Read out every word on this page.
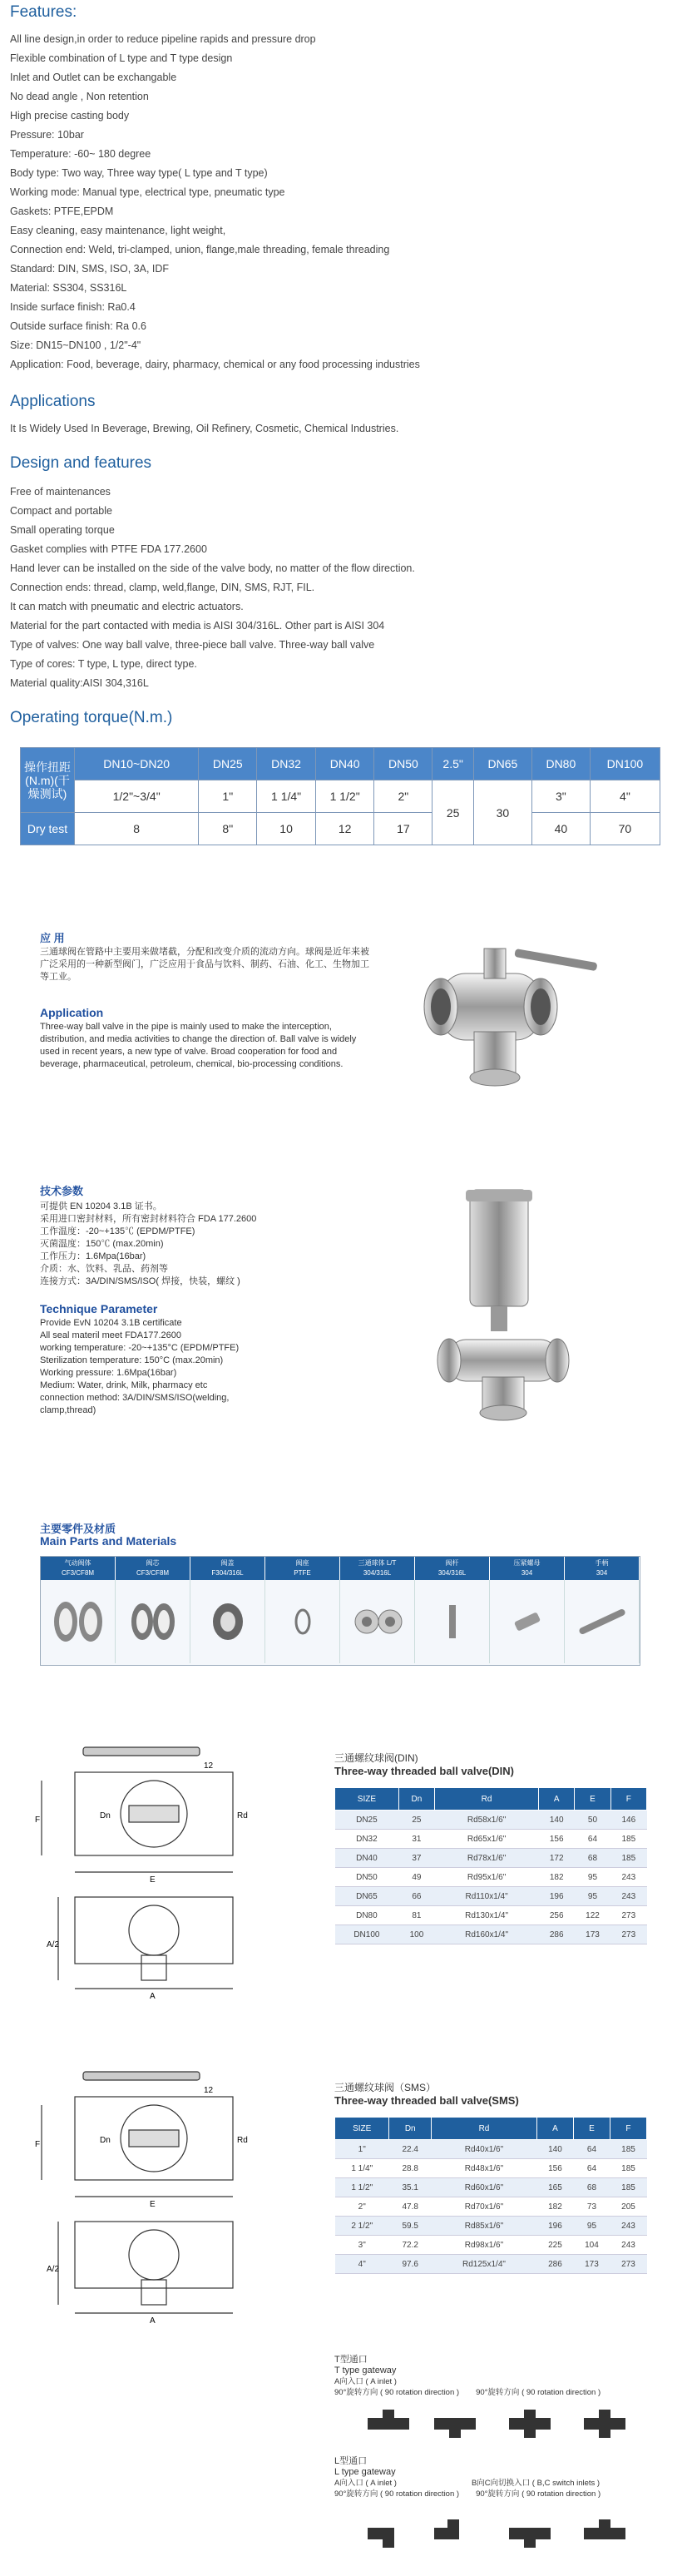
Features:
All line design,in order to reduce pipeline rapids and pressure drop
Flexible combination of L type and T type design
Inlet and Outlet can be exchangable
No dead angle , Non retention
High precise casting body
Pressure: 10bar
Temperature: -60~ 180 degree
Body type: Two way, Three way type( L type and T type)
Working mode: Manual type, electrical type, pneumatic type
Gaskets: PTFE,EPDM
Easy cleaning, easy maintenance, light weight,
Connection end: Weld, tri-clamped, union, flange,male threading, female threading
Standard: DIN, SMS, ISO, 3A, IDF
Material: SS304, SS316L
Inside surface finish: Ra0.4
Outside surface finish: Ra 0.6
Size: DN15~DN100 , 1/2"-4"
Application: Food, beverage, dairy, pharmacy, chemical or any food processing industries
Applications
It Is Widely Used In Beverage, Brewing, Oil Refinery, Cosmetic, Chemical Industries.
Design and features
Free of maintenances
Compact and portable
Small operating torque
Gasket complies with PTFE FDA 177.2600
Hand lever can be installed on the side of the valve body, no matter of the flow direction.
Connection ends: thread, clamp, weld,flange, DIN, SMS, RJT, FIL.
It can match with pneumatic and electric actuators.
Material for the part contacted with media is AISI 304/316L. Other part is AISI 304
Type of valves: One way ball valve, three-piece ball valve. Three-way ball valve
Type of cores: T type, L type, direct type.
Material quality:AISI 304,316L
Operating torque(N.m.)
操作扭距(N.m)(干燥测试)	DN10~DN20	DN25	DN32	DN40	DN50	2.5"	DN65	DN80	DN100
	1/2"~3/4"	1"	1 1/4"	1 1/2"	2"	25	30	3"	4"
Dry test	8	8"	10	12	17			40	70
应 用
三通球阀在管路中主要用来做堵截，分配和改变介质的流动方向。球阀是近年来被广泛采用的一种新型阀门，广泛应用于食品与饮料、制药、石油、化工、生物加工等工业。
Application
Three-way ball valve in the pipe is mainly used to make the interception, distribution, and media activities to change the direction of. Ball valve is widely used in recent years, a new type of valve. Broad cooperation for food and beverage, pharmaceutical, petroleum, chemical, bio-processing conditions.
技术参数
可提供 EN 10204 3.1B 证书。
采用进口密封材料，所有密封材料符合 FDA 177.2600
工作温度：-20~+135℃ (EPDM/PTFE)
灭菌温度：150℃ (max.20min)
工作压力：1.6Mpa(16bar)
介质：水、饮料、乳品、药剂等
连接方式：3A/DIN/SMS/ISO( 焊接，快装，螺纹 )
Technique Parameter
Provide EvN 10204 3.1B certificate
All seal materil meet FDA177.2600
working temperature: -20~+135°C (EPDM/PTFE)
Sterilization temperature: 150°C (max.20min)
Working pressure: 1.6Mpa(16bar)
Medium: Water, drink, Milk, pharmacy etc
connection method: 3A/DIN/SMS/ISO(welding,
clamp,thread)
主要零件及材质
Main Parts and Materials
气动阀体
CF3/CF8M
阀芯
CF3/CF8M
阀盖
F304/316L
阀座
PTFE
三通球体 L/T
304/316L
阀杆
304/316L
压紧螺母
304
手柄
304
E
A
F
A/2
12
Dn	Rd
三通螺纹球阀(DIN)
Three-way threaded ball valve(DIN)
SIZE	Dn	Rd	A	E	F
DN25	25	Rd58x1/6"	140	50	146
DN32	31	Rd65x1/6"	156	64	185
DN40	37	Rd78x1/6"	172	68	185
DN50	49	Rd95x1/6"	182	95	243
DN65	66	Rd110x1/4"	196	95	243
DN80	81	Rd130x1/4"	256	122	273
DN100	100	Rd160x1/4"	286	173	273
E
A
F
A/2
12
Dn	Rd
三通螺纹球阀（SMS）
Three-way threaded ball valve(SMS)
SIZE	Dn	Rd	A	E	F
1"	22.4	Rd40x1/6"	140	64	185
1 1/4"	28.8	Rd48x1/6"	156	64	185
1 1/2"	35.1	Rd60x1/6"	165	68	185
2"	47.8	Rd70x1/6"	182	73	205
2 1/2"	59.5	Rd85x1/6"	196	95	243
3"	72.2	Rd98x1/6"	225	104	243
4"	97.6	Rd125x1/4"	286	173	273
T型通口
T type gateway
A向入口 ( A inlet )
90°旋转方向 ( 90 rotation direction ) 90°旋转方向 ( 90 rotation direction )
L型通口
L type gateway
A向入口 ( A inlet )	B向C向切换入口 ( B,C switch inlets )
90°旋转方向 ( 90 rotation direction ) 90°旋转方向 ( 90 rotation direction )
